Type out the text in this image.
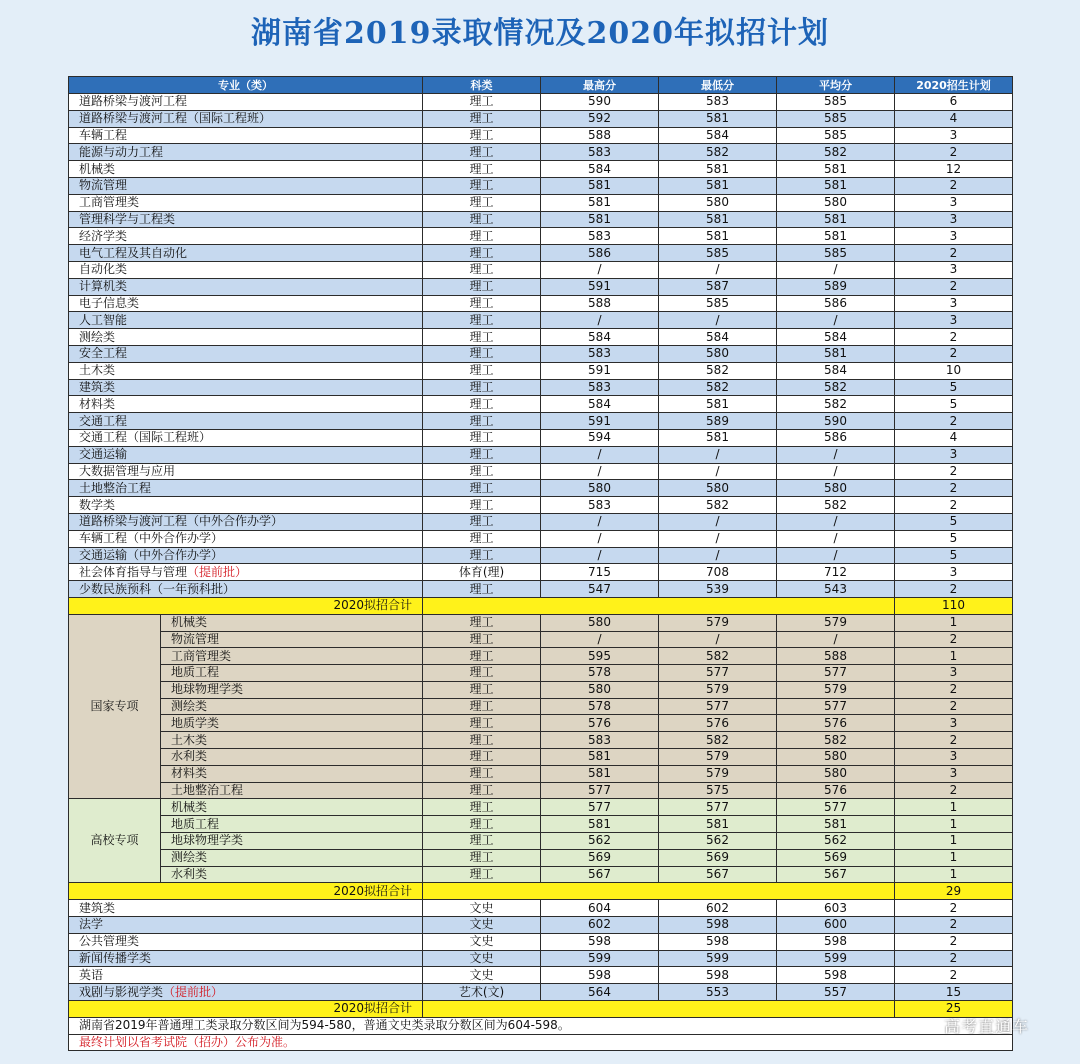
湖南省2019录取情况及2020年拟招计划
专业（类）		科类	最高分	最低分	平均分	2020招生计划
道路桥梁与渡河工程		理工	590	583	585	6
道路桥梁与渡河工程（国际工程班）		理工	592	581	585	4
车辆工程		理工	588	584	585	3
能源与动力工程		理工	583	582	582	2
机械类		理工	584	581	581	12
物流管理		理工	581	581	581	2
工商管理类		理工	581	580	580	3
管理科学与工程类		理工	581	581	581	3
经济学类		理工	583	581	581	3
电气工程及其自动化		理工	586	585	585	2
自动化类		理工	/	/	/	3
计算机类		理工	591	587	589	2
电子信息类		理工	588	585	586	3
人工智能		理工	/	/	/	3
测绘类		理工	584	584	584	2
安全工程		理工	583	580	581	2
土木类		理工	591	582	584	10
建筑类		理工	583	582	582	5
材料类		理工	584	581	582	5
交通工程		理工	591	589	590	2
交通工程（国际工程班）		理工	594	581	586	4
交通运输		理工	/	/	/	3
大数据管理与应用		理工	/	/	/	2
土地整治工程		理工	580	580	580	2
数学类		理工	583	582	582	2
道路桥梁与渡河工程（中外合作办学）		理工	/	/	/	5
车辆工程（中外合作办学）		理工	/	/	/	5
交通运输（中外合作办学）		理工	/	/	/	5
社会体育指导与管理（提前批）		体育(理)	715	708	712	3
少数民族预科（一年预科批）		理工	547	539	543	2
2020拟招合计						110
国家专项	机械类	理工	580	579	579	1
	物流管理	理工	/	/	/	2
	工商管理类	理工	595	582	588	1
	地质工程	理工	578	577	577	3
	地球物理学类	理工	580	579	579	2
	测绘类	理工	578	577	577	2
	地质学类	理工	576	576	576	3
	土木类	理工	583	582	582	2
	水利类	理工	581	579	580	3
	材料类	理工	581	579	580	3
	土地整治工程	理工	577	575	576	2
高校专项	机械类	理工	577	577	577	1
	地质工程	理工	581	581	581	1
	地球物理学类	理工	562	562	562	1
	测绘类	理工	569	569	569	1
	水利类	理工	567	567	567	1
2020拟招合计						29
建筑类		文史	604	602	603	2
法学		文史	602	598	600	2
公共管理类		文史	598	598	598	2
新闻传播学类		文史	599	599	599	2
英语		文史	598	598	598	2
戏剧与影视学类（提前批）		艺术(文)	564	553	557	15
2020拟招合计						25
湖南省2019年普通理工类录取分数区间为594-580，普通文史类录取分数区间为604-598。						
最终计划以省考试院（招办）公布为准。						
高考直通车
